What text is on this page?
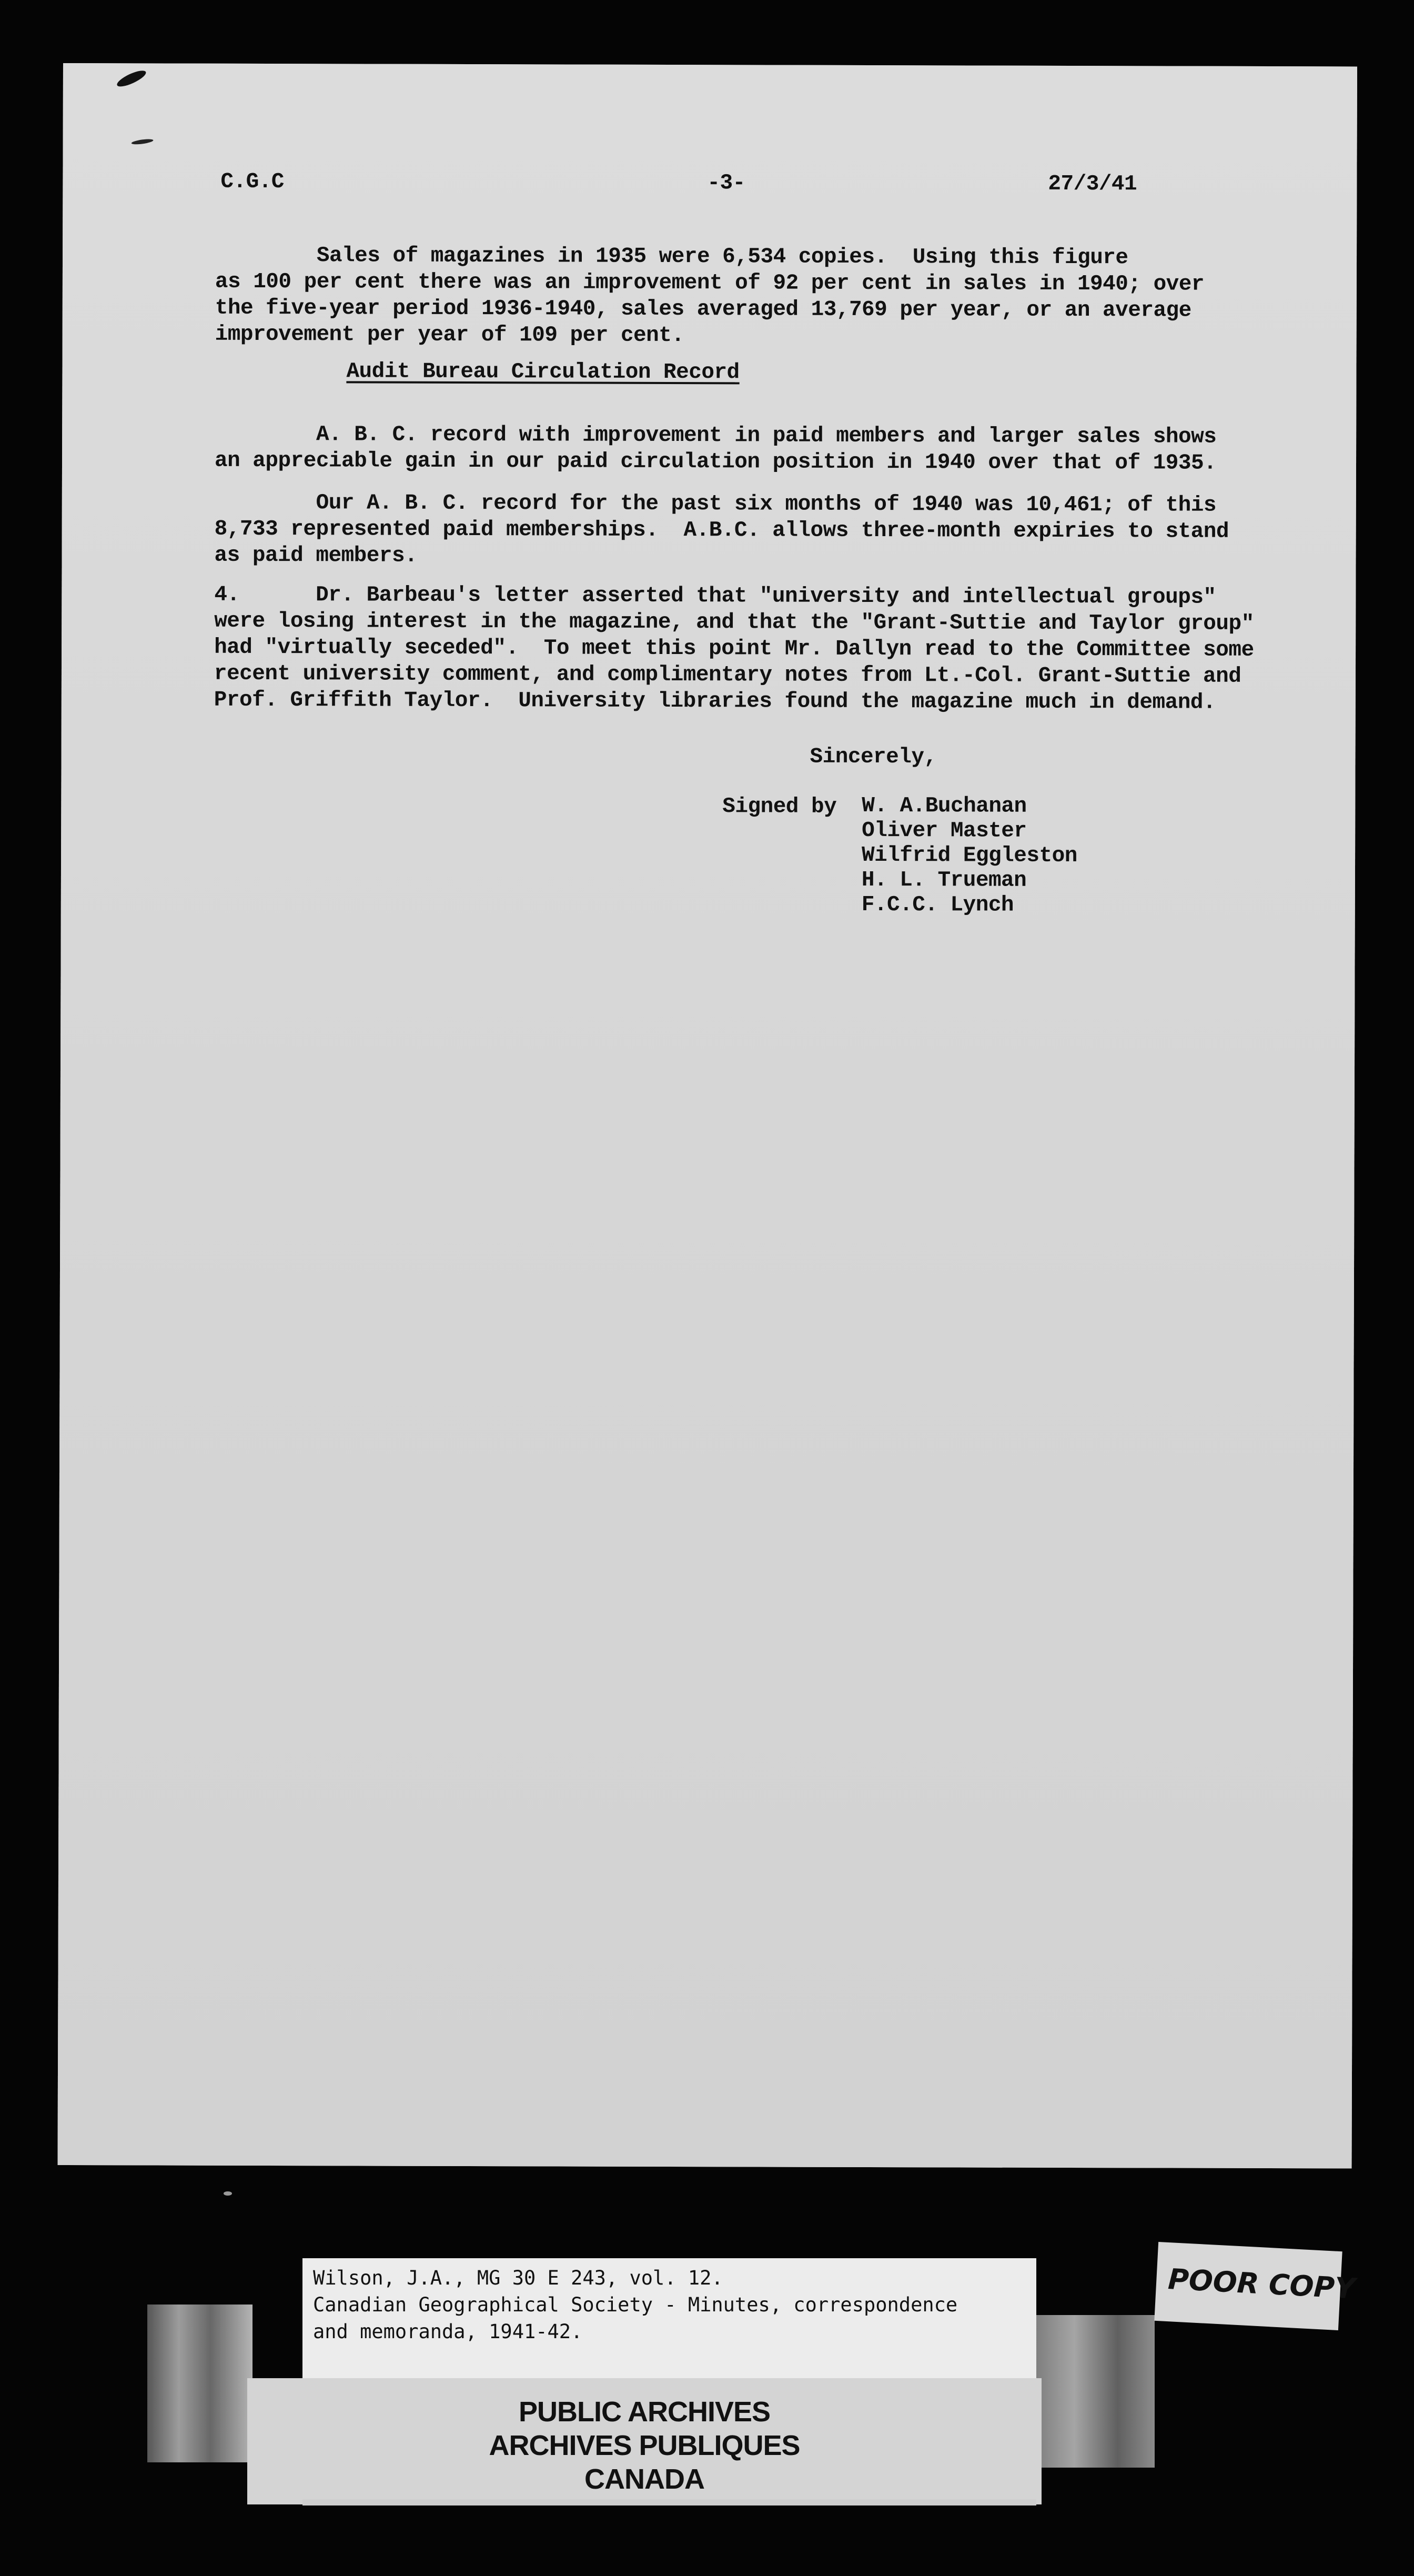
C.G.C	-3-	27/3/41
Sales of magazines in 1935 were 6,534 copies.  Using this figure
as 100 per cent there was an improvement of 92 per cent in sales in 1940; over
the five-year period 1936-1940, sales averaged 13,769 per year, or an average
improvement per year of 109 per cent.
Audit Bureau Circulation Record
A. B. C. record with improvement in paid members and larger sales shows
an appreciable gain in our paid circulation position in 1940 over that of 1935.
Our A. B. C. record for the past six months of 1940 was 10,461; of this
8,733 represented paid memberships.  A.B.C. allows three-month expiries to stand
as paid members.
4.      Dr. Barbeau's letter asserted that "university and intellectual groups"
were losing interest in the magazine, and that the "Grant-Suttie and Taylor group"
had "virtually seceded".  To meet this point Mr. Dallyn read to the Committee some
recent university comment, and complimentary notes from Lt.-Col. Grant-Suttie and
Prof. Griffith Taylor.  University libraries found the magazine much in demand.
Sincerely,
Signed by W. A.Buchanan
Oliver Master
Wilfrid Eggleston
H. L. Trueman
F.C.C. Lynch
Wilson, J.A., MG 30 E 243, vol. 12.
Canadian Geographical Society - Minutes, correspondence
and memoranda, 1941-42.
PUBLIC ARCHIVES
ARCHIVES PUBLIQUES
CANADA
POOR COPY
